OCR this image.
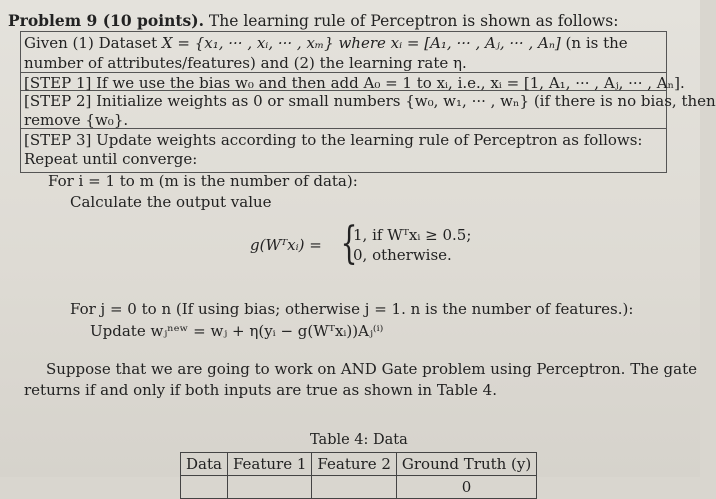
Problem 9 (10 points). The learning rule of Perceptron is shown as follows:
Given (1) Dataset X = {x₁, ··· , xᵢ, ··· , xₘ} where xᵢ = [A₁, ··· , Aⱼ, ··· , Aₙ] (n is the
number of attributes/features) and (2) the learning rate η.
[STEP 1] If we use the bias w₀ and then add A₀ = 1 to xᵢ, i.e., xᵢ = [1, A₁, ··· , Aⱼ, ··· , Aₙ].
[STEP 2] Initialize weights as 0 or small numbers {w₀, w₁, ··· , wₙ} (if there is no bias, then
remove {w₀}.
[STEP 3] Update weights according to the learning rule of Perceptron as follows:
Repeat until converge:
For i = 1 to m (m is the number of data):
Calculate the output value
g(Wᵀxᵢ) = {
1, if Wᵀxᵢ ≥ 0.5;
0, otherwise.
For j = 0 to n (If using bias; otherwise j = 1. n is the number of features.):
Update wⱼⁿᵉʷ = wⱼ + η(yᵢ − g(Wᵀxᵢ))Aⱼ⁽ⁱ⁾
Suppose that we are going to work on AND Gate problem using Perceptron. The gate
returns if and only if both inputs are true as shown in Table 4.
Table 4: Data
Data	Feature 1	Feature 2	Ground Truth (y)
			0
